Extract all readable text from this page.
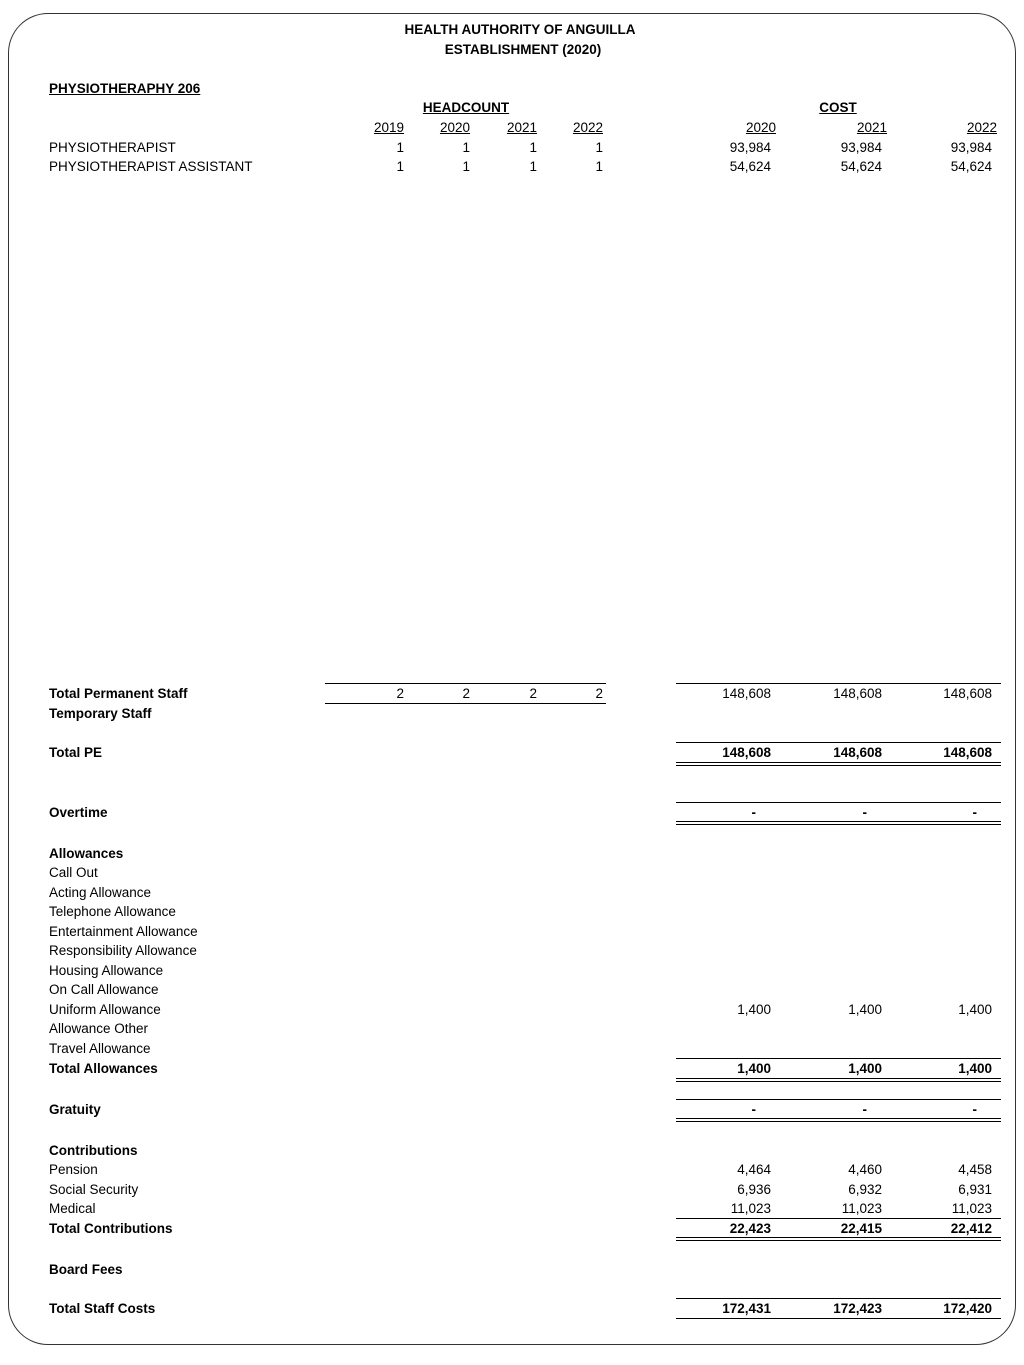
HEALTH AUTHORITY OF ANGUILLA
ESTABLISHMENT (2020)
PHYSIOTHERAPHY 206
HEADCOUNT	COST
2019	2020	2021	2022	2020	2021	2022
PHYSIOTHERAPIST	1	1	1	1	93,984	93,984	93,984
PHYSIOTHERAPIST ASSISTANT	1	1	1	1	54,624	54,624	54,624
Total Permanent Staff	2	2	2	2	148,608	148,608	148,608
Temporary Staff
Total PE	148,608	148,608	148,608
Overtime	-	-	-
Allowances
Call Out
Acting Allowance
Telephone Allowance
Entertainment Allowance
Responsibility Allowance
Housing Allowance
On Call Allowance
Uniform Allowance	1,400	1,400	1,400
Allowance Other
Travel Allowance
Total Allowances	1,400	1,400	1,400
Gratuity	-	-	-
Contributions
Pension	4,464	4,460	4,458
Social Security	6,936	6,932	6,931
Medical	11,023	11,023	11,023
Total Contributions	22,423	22,415	22,412
Board Fees
Total Staff Costs	172,431	172,423	172,420
